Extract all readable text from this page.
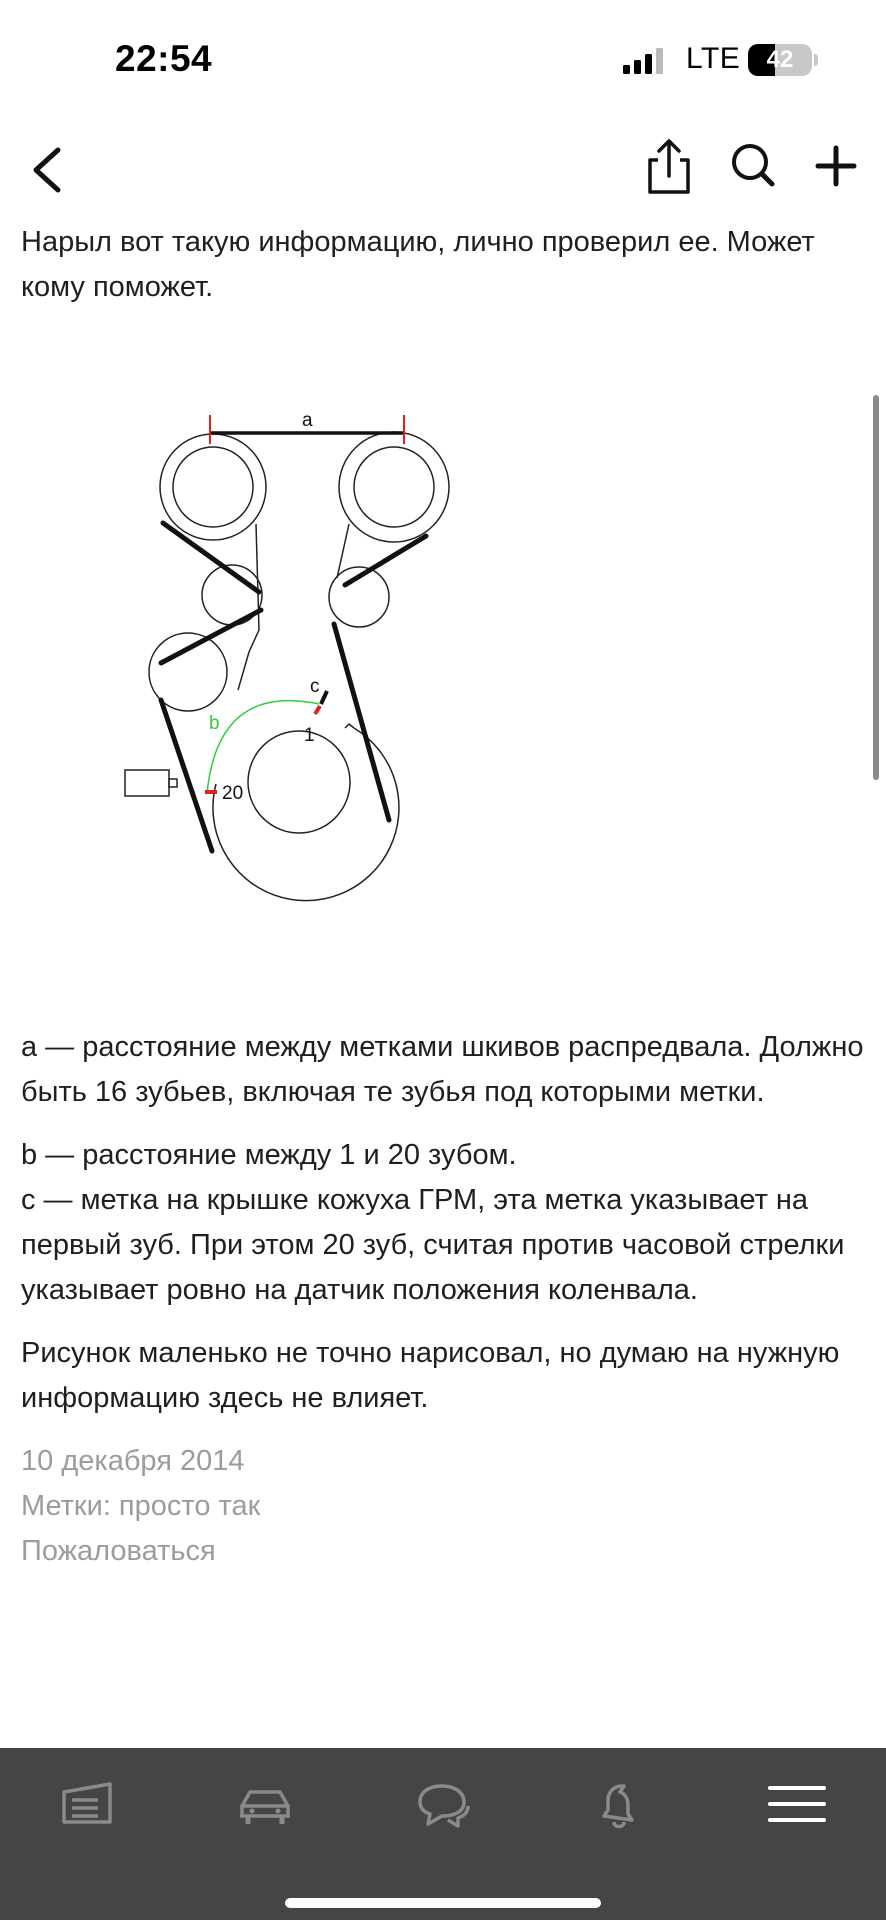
22:54	LTE	42

Нарыл вот такую информацию, лично проверил ее. Может кому поможет.

a
b
c
1
20

a — расстояние между метками шкивов распредвала. Должно быть 16 зубьев, включая те зубья под которыми метки.

b — расстояние между 1 и 20 зубом.

c — метка на крышке кожуха ГРМ, эта метка указывает на первый зуб. При этом 20 зуб, считая против часовой стрелки указывает ровно на датчик положения коленвала.

Рисунок маленько не точно нарисовал, но думаю на нужную информацию здесь не влияет.

10 декабря 2014
Метки: просто так
Пожаловаться
